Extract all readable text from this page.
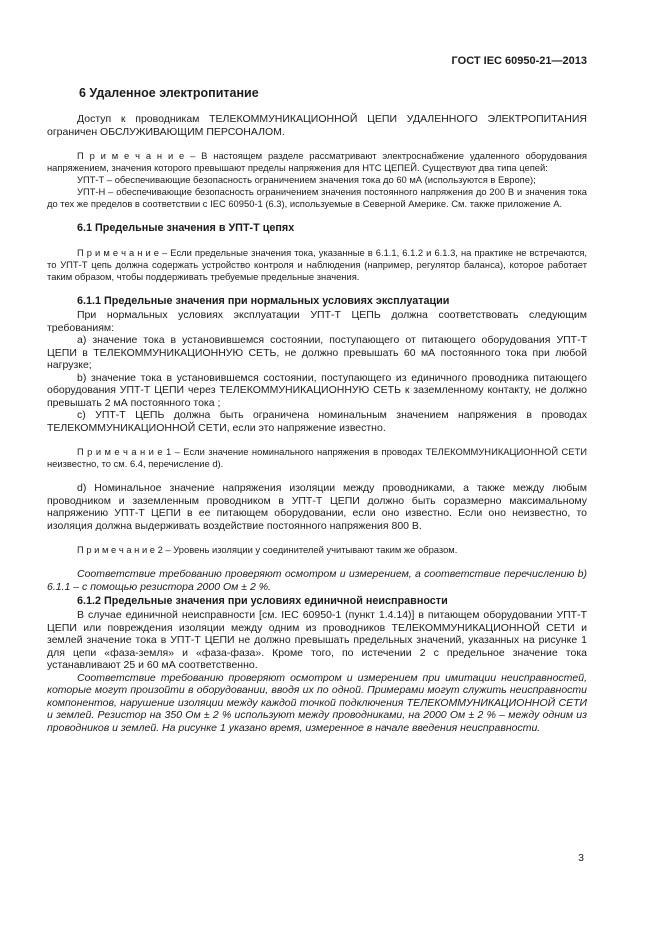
ГОСТ IEC 60950-21—2013
6 Удаленное электропитание

Доступ к проводникам ТЕЛЕКОММУНИКАЦИОННОЙ ЦЕПИ УДАЛЕННОГО ЭЛЕКТРОПИТАНИЯ ограничен ОБСЛУЖИВАЮЩИМ ПЕРСОНАЛОМ.

П р и м е ч а н и е – В настоящем разделе рассматривают электроснабжение удаленного оборудования напряжением, значения которого превышают пределы напряжения для НТС ЦЕПЕЙ. Существуют два типа цепей:

УПТ-Т – обеспечивающие безопасность ограничением значения тока до 60 мА (используются в Европе);

УПТ-Н – обеспечивающие безопасность ограничением значения постоянного напряжения до 200 В и значения тока до тех же пределов в соответствии с IEC 60950-1 (6.3), используемые в Северной Америке. См. также приложение А.

6.1 Предельные значения в УПТ-Т цепях

П р и м е ч а н и е – Если предельные значения тока, указанные в 6.1.1, 6.1.2 и 6.1.3, на практике не встречаются, то УПТ-Т цепь должна содержать устройство контроля и наблюдения (например, регулятор баланса), которое работает таким образом, чтобы поддерживать требуемые предельные значения.

6.1.1 Предельные значения при нормальных условиях эксплуатации

При нормальных условиях эксплуатации УПТ-Т ЦЕПЬ должна соответствовать следующим требованиям:

a) значение тока в установившемся состоянии, поступающего от питающего оборудования УПТ-Т ЦЕПИ в ТЕЛЕКОММУНИКАЦИОННУЮ СЕТЬ, не должно превышать 60 мА постоянного тока при любой нагрузке;

b) значение тока в установившемся состоянии, поступающего из единичного проводника питающего оборудования УПТ-Т ЦЕПИ через ТЕЛЕКОММУНИКАЦИОННУЮ СЕТЬ к заземленному контакту, не должно превышать 2 мА постоянного тока ;

c) УПТ-Т ЦЕПЬ должна быть ограничена номинальным значением напряжения в проводах ТЕЛЕКОММУНИКАЦИОННОЙ СЕТИ, если это напряжение известно.

П р и м е ч а н и е 1 – Если значение номинального напряжения в проводах ТЕЛЕКОММУНИКАЦИОННОЙ СЕТИ неизвестно, то см. 6.4, перечисление d).

d) Номинальное значение напряжения изоляции между проводниками, а также между любым проводником и заземленным проводником в УПТ-Т ЦЕПИ должно быть соразмерно максимальному напряжению УПТ-Т ЦЕПИ в ее питающем оборудовании, если оно известно. Если оно неизвестно, то изоляция должна выдерживать воздействие постоянного напряжения 800 В.

П р и м е ч а н и е 2 – Уровень изоляции у соединителей учитывают таким же образом.

Соответствие требованию проверяют осмотром и измерением, а соответствие перечислению b) 6.1.1 – с помощью резистора 2000 Ом ± 2 %.

6.1.2 Предельные значения при условиях единичной неисправности

В случае единичной неисправности [см. IEC 60950-1 (пункт 1.4.14)] в питающем оборудовании УПТ-Т ЦЕПИ или повреждения изоляции между одним из проводников ТЕЛЕКОММУНИКАЦИОННОЙ СЕТИ и землей значение тока в УПТ-Т ЦЕПИ не должно превышать предельных значений, указанных на рисунке 1 для цепи «фаза-земля» и «фаза-фаза». Кроме того, по истечении 2 с предельное значение тока устанавливают 25 и 60 мА соответственно.

Соответствие требованию проверяют осмотром и измерением при имитации неисправностей, которые могут произойти в оборудовании, вводя их по одной. Примерами могут служить неисправности компонентов, нарушение изоляции между каждой точкой подключения ТЕЛЕКОММУНИКАЦИОННОЙ СЕТИ и землей. Резистор на 350 Ом ± 2 % используют между проводниками, на 2000 Ом ± 2 % – между одним из проводников и землей. На рисунке 1 указано время, измеренное в начале введения неисправности.

3
